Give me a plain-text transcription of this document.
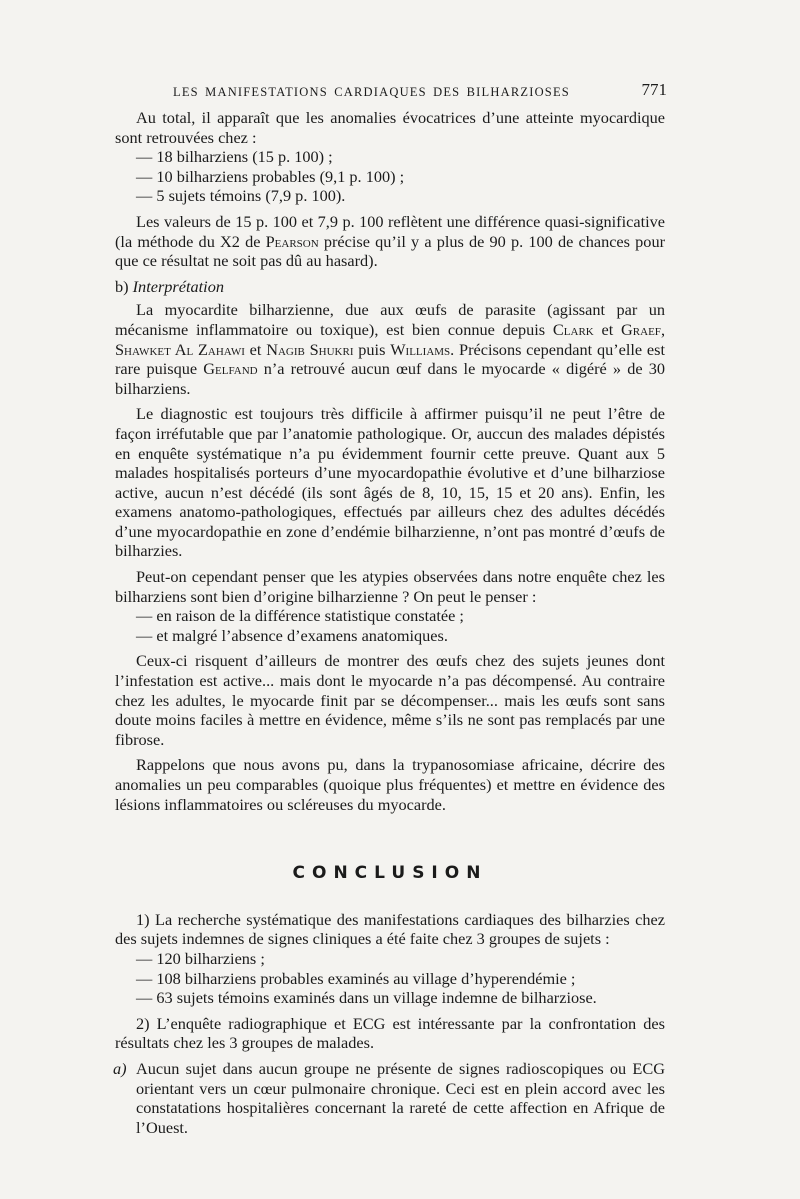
LES MANIFESTATIONS CARDIAQUES DES BILHARZIOSES	771

Au total, il apparaît que les anomalies évocatrices d’une atteinte myocardique sont retrouvées chez :

— 18 bilharziens (15 p. 100) ;

— 10 bilharziens probables (9,1 p. 100) ;

— 5 sujets témoins (7,9 p. 100).

Les valeurs de 15 p. 100 et 7,9 p. 100 reflètent une différence quasi-significative (la méthode du X2 de Pearson précise qu’il y a plus de 90 p. 100 de chances pour que ce résultat ne soit pas dû au hasard).

b) Interprétation

La myocardite bilharzienne, due aux œufs de parasite (agissant par un mécanisme inflammatoire ou toxique), est bien connue depuis Clark et Graef, Shawket Al Zahawi et Nagib Shukri puis Williams. Précisons cependant qu’elle est rare puisque Gelfand n’a retrouvé aucun œuf dans le myocarde « digéré » de 30 bilharziens.

Le diagnostic est toujours très difficile à affirmer puisqu’il ne peut l’être de façon irréfutable que par l’anatomie pathologique. Or, auccun des malades dépistés en enquête systématique n’a pu évidemment fournir cette preuve. Quant aux 5 malades hospitalisés porteurs d’une myocardopathie évolutive et d’une bilharziose active, aucun n’est décédé (ils sont âgés de 8, 10, 15, 15 et 20 ans). Enfin, les examens anatomo-pathologiques, effectués par ailleurs chez des adultes décédés d’une myocardopathie en zone d’endémie bilharzienne, n’ont pas montré d’œufs de bilharzies.

Peut-on cependant penser que les atypies observées dans notre enquête chez les bilharziens sont bien d’origine bilharzienne ? On peut le penser :

— en raison de la différence statistique constatée ;

— et malgré l’absence d’examens anatomiques.

Ceux-ci risquent d’ailleurs de montrer des œufs chez des sujets jeunes dont l’infestation est active... mais dont le myocarde n’a pas décompensé. Au contraire chez les adultes, le myocarde finit par se décompenser... mais les œufs sont sans doute moins faciles à mettre en évidence, même s’ils ne sont pas remplacés par une fibrose.

Rappelons que nous avons pu, dans la trypanosomiase africaine, décrire des anomalies un peu comparables (quoique plus fréquentes) et mettre en évidence des lésions inflammatoires ou scléreuses du myocarde.

CONCLUSION

1) La recherche systématique des manifestations cardiaques des bilharzies chez des sujets indemnes de signes cliniques a été faite chez 3 groupes de sujets :

— 120 bilharziens ;

— 108 bilharziens probables examinés au village d’hyperendémie ;

— 63 sujets témoins examinés dans un village indemne de bilharziose.

2) L’enquête radiographique et ECG est intéressante par la confrontation des résultats chez les 3 groupes de malades.

a) Aucun sujet dans aucun groupe ne présente de signes radioscopiques ou ECG orientant vers un cœur pulmonaire chronique. Ceci est en plein accord avec les constatations hospitalières concernant la rareté de cette affection en Afrique de l’Ouest.
